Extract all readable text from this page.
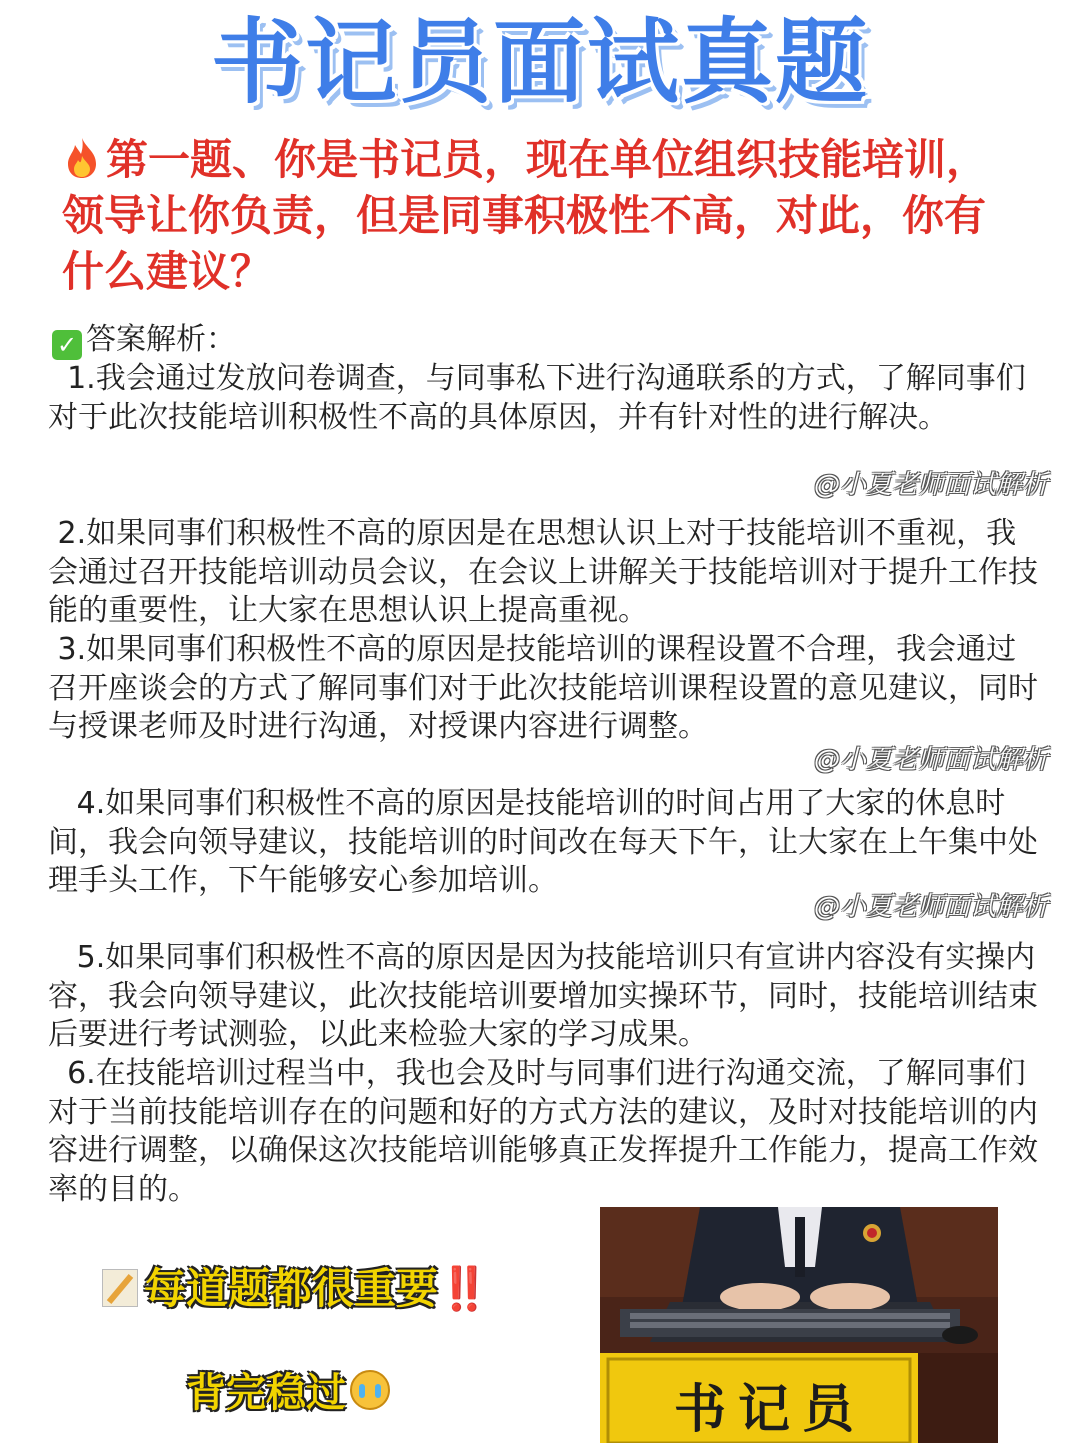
书记员面试真题
第一题、你是书记员，现在单位组织技能培训，领导让你负责，但是同事积极性不高，对此，你有什么建议？
✓ 答案解析：
1.我会通过发放问卷调查，与同事私下进行沟通联系的方式，了解同事们对于此次技能培训积极性不高的具体原因，并有针对性的进行解决。
@小夏老师面试解析
2.如果同事们积极性不高的原因是在思想认识上对于技能培训不重视，我会通过召开技能培训动员会议，在会议上讲解关于技能培训对于提升工作技能的重要性，让大家在思想认识上提高重视。
3.如果同事们积极性不高的原因是技能培训的课程设置不合理，我会通过召开座谈会的方式了解同事们对于此次技能培训课程设置的意见建议，同时与授课老师及时进行沟通，对授课内容进行调整。
@小夏老师面试解析
4.如果同事们积极性不高的原因是技能培训的时间占用了大家的休息时间，我会向领导建议，技能培训的时间改在每天下午，让大家在上午集中处理手头工作，下午能够安心参加培训。
@小夏老师面试解析
5.如果同事们积极性不高的原因是因为技能培训只有宣讲内容没有实操内容，我会向领导建议，此次技能培训要增加实操环节，同时，技能培训结束后要进行考试测验，以此来检验大家的学习成果。
6.在技能培训过程当中，我也会及时与同事们进行沟通交流，了解同事们对于当前技能培训存在的问题和好的方式方法的建议，及时对技能培训的内容进行调整，以确保这次技能培训能够真正发挥提升工作能力，提高工作效率的目的。
每道题都很重要‼️
背完稳过	书记员
